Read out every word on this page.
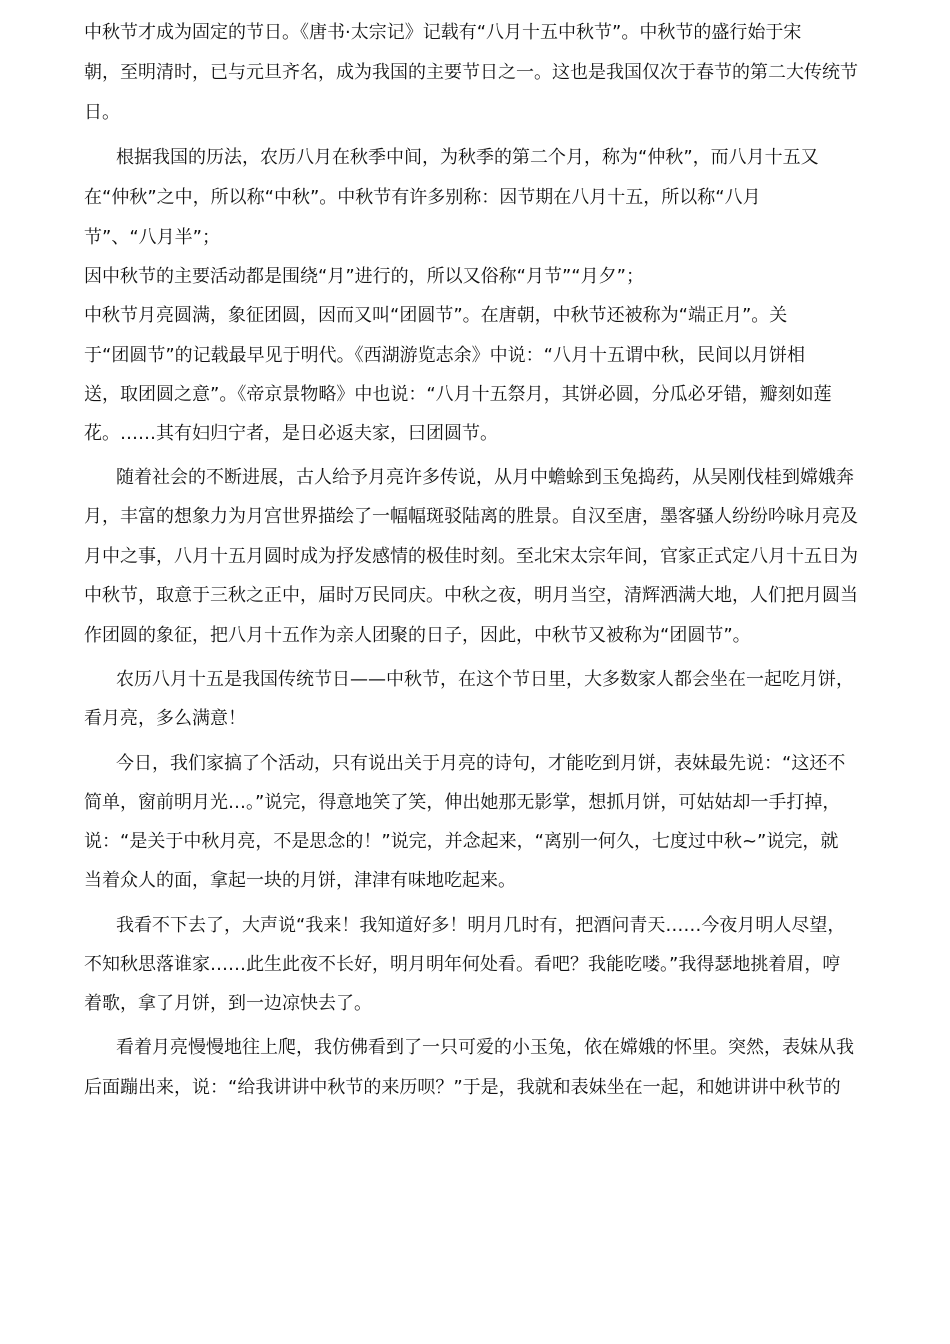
中秋节才成为固定的节日。《唐书·太宗记》记载有“八月十五中秋节”。中秋节的盛行始于宋
朝，至明清时，已与元旦齐名，成为我国的主要节日之一。这也是我国仅次于春节的第二大传统节
日。
根据我国的历法，农历八月在秋季中间，为秋季的第二个月，称为“仲秋”，而八月十五又
在“仲秋”之中，所以称“中秋”。中秋节有许多别称：因节期在八月十五，所以称“八月
节”、“八月半”；
因中秋节的主要活动都是围绕“月”进行的，所以又俗称“月节”“月夕”；
中秋节月亮圆满，象征团圆，因而又叫“团圆节”。在唐朝，中秋节还被称为“端正月”。关
于“团圆节”的记载最早见于明代。《西湖游览志余》中说：“八月十五谓中秋，民间以月饼相
送，取团圆之意”。《帝京景物略》中也说：“八月十五祭月，其饼必圆，分瓜必牙错，瓣刻如莲
花。……其有妇归宁者，是日必返夫家，曰团圆节。
随着社会的不断进展，古人给予月亮许多传说，从月中蟾蜍到玉兔捣药，从吴刚伐桂到嫦娥奔
月，丰富的想象力为月宫世界描绘了一幅幅斑驳陆离的胜景。自汉至唐，墨客骚人纷纷吟咏月亮及
月中之事，八月十五月圆时成为抒发感情的极佳时刻。至北宋太宗年间，官家正式定八月十五日为
中秋节，取意于三秋之正中，届时万民同庆。中秋之夜，明月当空，清辉洒满大地，人们把月圆当
作团圆的象征，把八月十五作为亲人团聚的日子，因此，中秋节又被称为“团圆节”。
农历八月十五是我国传统节日——中秋节，在这个节日里，大多数家人都会坐在一起吃月饼，
看月亮，多么满意！
今日，我们家搞了个活动，只有说出关于月亮的诗句，才能吃到月饼，表妹最先说：“这还不
简单，窗前明月光…。”说完，得意地笑了笑，伸出她那无影掌，想抓月饼，可姑姑却一手打掉，
说：“是关于中秋月亮，不是思念的！”说完，并念起来，“离别一何久，七度过中秋~”说完，就
当着众人的面，拿起一块的月饼，津津有味地吃起来。
我看不下去了，大声说“我来！我知道好多！明月几时有，把酒问青天……今夜月明人尽望，
不知秋思落谁家……此生此夜不长好，明月明年何处看。看吧？我能吃喽。”我得瑟地挑着眉，哼
着歌，拿了月饼，到一边凉快去了。
看着月亮慢慢地往上爬，我仿佛看到了一只可爱的小玉兔，依在嫦娥的怀里。突然，表妹从我
后面蹦出来，说：“给我讲讲中秋节的来历呗？”于是，我就和表妹坐在一起，和她讲讲中秋节的
